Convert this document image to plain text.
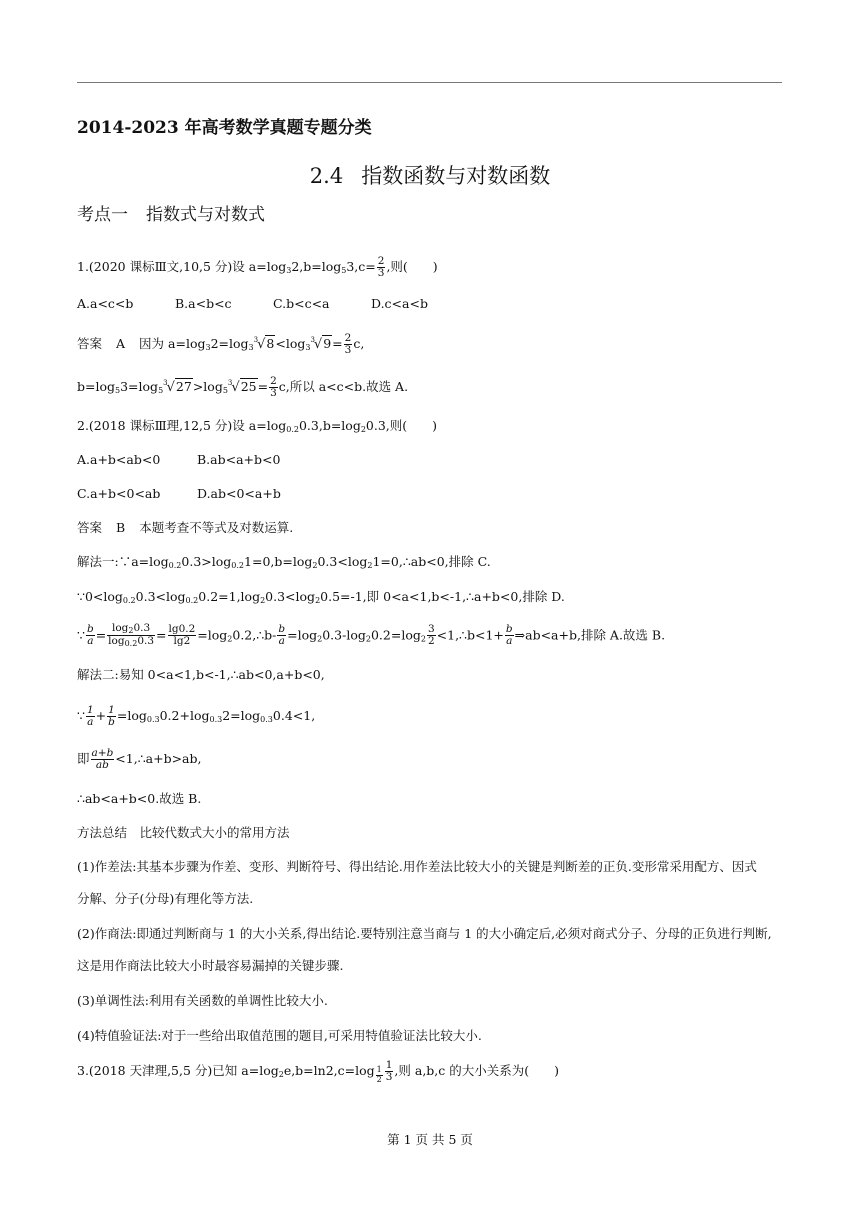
2014-2023 年高考数学真题专题分类
2.4 指数函数与对数函数
考点一 指数式与对数式
1.(2020 课标Ⅲ文,10,5 分)设 $a=\log_32,b=\log_53,c= \frac{2}{3}$ ,则(　　)
A.a<c<b	B.a<b<c	C.b<c<a	D.c<a<b
答案 A 因为 $a=\log_32=\log_3^3√8<\log_3^3√9= \frac{2}{3} c$,
$b=\log_53=\log_5^3√27>\log_5^3√25= \frac{2}{3} c$,所以 a<c<b.故选 A.
2.(2018 课标Ⅲ理,12,5 分)设 $a=\log_{0.2}0.3,b=\log_20.3$,则(　　)
A.a+b<ab<0	B.ab<a+b<0
C.a+b<0<ab	D.ab<0<a+b
答案 B 本题考查不等式及对数运算.
解法一$:\because a=\log_{0.2}0.3>\log_{0.2}1=0,b=\log_20.3<\log_21=0,\therefore ab<0$,排除 C.
$\because 0<\log_{0.2}0.3<\log_{0.2}0.2=1,\log_20.3<\log_20.5=-1$,即 0<a<1,b<-1,∴a+b<0,排除 D.
∵ $\frac{b}{a} = \frac{\log_20.3}{\log_{0.2}0.3} = \frac{\lg 0.2}{\lg 2}$ $=\log_20.2,\therefore b- \frac{b}{a} =\log_20.3-\log_20.2=\log_2 \frac{3}{2}$ <1,∴b<1+ $\frac{b}{a}$ ⇒ab<a+b,排除 A.故选 B.
解法二:易知 0<a<1,b<-1,∴ab<0,a+b<0,
∵ $\frac{1}{a} + \frac{1}{b} =\log_{0.3}0.2+\log_{0.3}2=\log_{0.3}0.4<1$,
即 $\frac{a+b}{ab}$ <1,∴a+b>ab,
∴ab<a+b<0.故选 B.
方法总结　比较代数式大小的常用方法
(1)作差法:其基本步骤为作差、变形、判断符号、得出结论.用作差法比较大小的关键是判断差的正负.变形常采用配方、因式
分解、分子(分母)有理化等方法.
(2)作商法:即通过判断商与 1 的大小关系,得出结论.要特别注意当商与 1 的大小确定后,必须对商式分子、分母的正负进行判断,
这是用作商法比较大小时最容易漏掉的关键步骤.
(3)单调性法:利用有关函数的单调性比较大小.
(4)特值验证法:对于一些给出取值范围的题目,可采用特值验证法比较大小.
3.(2018 天津理,5,5 分)已知 $a=\log_2e,b=\ln 2,c=\log$ $_{\frac{1}{2}} \frac{1}{3}$ ,则 a,b,c 的大小关系为(　　)
第 1 页 共 5 页
